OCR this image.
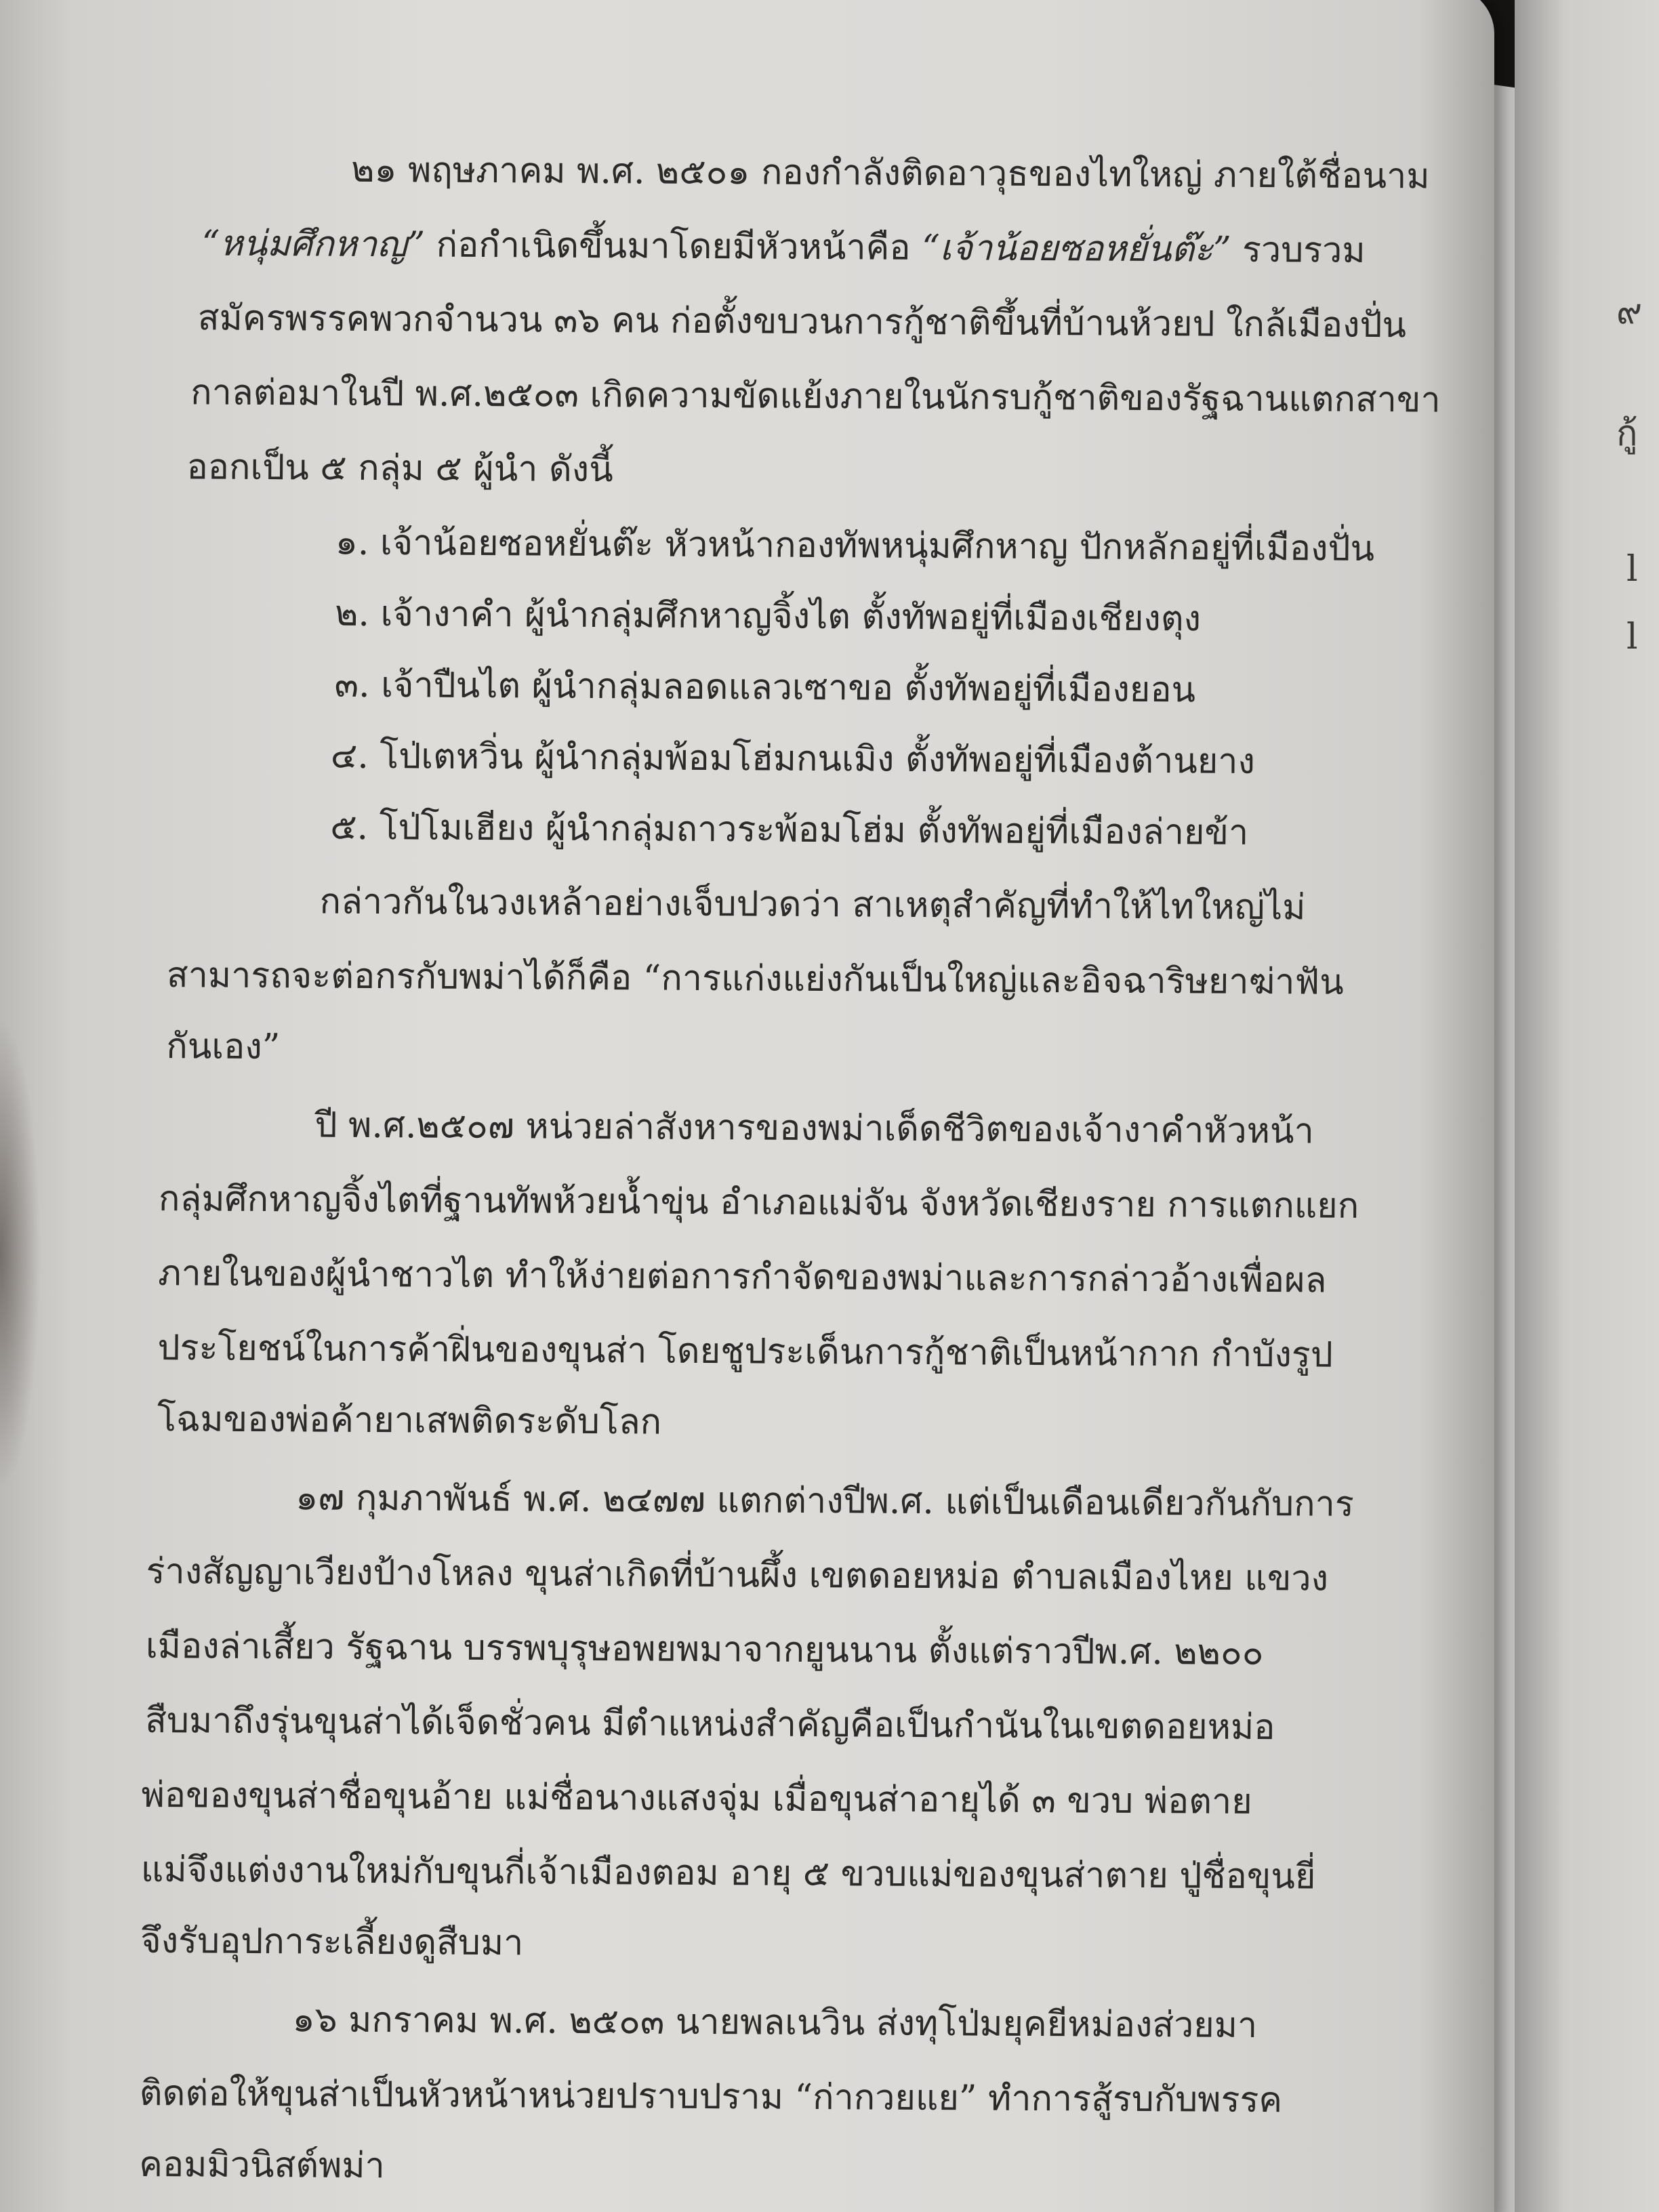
๙
กู้
l
l
๒๑ พฤษภาคม พ.ศ. ๒๕๐๑ กองกำลังติดอาวุธของไทใหญ่ ภายใต้ชื่อนาม
“หนุ่มศึกหาญ” ก่อกำเนิดขึ้นมาโดยมีหัวหน้าคือ “เจ้าน้อยซอหยั่นต๊ะ” รวบรวม
สมัครพรรคพวกจำนวน ๓๖ คน ก่อตั้งขบวนการกู้ชาติขึ้นที่บ้านห้วยป ใกล้เมืองปั่น
กาลต่อมาในปี พ.ศ.๒๕๐๓ เกิดความขัดแย้งภายในนักรบกู้ชาติของรัฐฉานแตกสาขา
ออกเป็น ๕ กลุ่ม ๕ ผู้นำ ดังนี้
๑. เจ้าน้อยซอหยั่นต๊ะ หัวหน้ากองทัพหนุ่มศึกหาญ ปักหลักอยู่ที่เมืองปั่น
๒. เจ้างาคำ ผู้นำกลุ่มศึกหาญจิ้งไต ตั้งทัพอยู่ที่เมืองเชียงตุง
๓. เจ้าปืนไต ผู้นำกลุ่มลอดแลวเซาขอ ตั้งทัพอยู่ที่เมืองยอน
๔. โป่เตหวิ่น ผู้นำกลุ่มพ้อมโฮ่มกนเมิง ตั้งทัพอยู่ที่เมืองต้านยาง
๕. โป่โมเฮียง ผู้นำกลุ่มถาวระพ้อมโฮ่ม ตั้งทัพอยู่ที่เมืองล่ายข้า
กล่าวกันในวงเหล้าอย่างเจ็บปวดว่า สาเหตุสำคัญที่ทำให้ไทใหญ่ไม่
สามารถจะต่อกรกับพม่าได้ก็คือ “การแก่งแย่งกันเป็นใหญ่และอิจฉาริษยาฆ่าฟัน
กันเอง”
ปี พ.ศ.๒๕๐๗ หน่วยล่าสังหารของพม่าเด็ดชีวิตของเจ้างาคำหัวหน้า
กลุ่มศึกหาญจิ้งไตที่ฐานทัพห้วยน้ำขุ่น อำเภอแม่จัน จังหวัดเชียงราย การแตกแยก
ภายในของผู้นำชาวไต ทำให้ง่ายต่อการกำจัดของพม่าและการกล่าวอ้างเพื่อผล
ประโยชน์ในการค้าฝิ่นของขุนส่า โดยชูประเด็นการกู้ชาติเป็นหน้ากาก กำบังรูป
โฉมของพ่อค้ายาเสพติดระดับโลก
๑๗ กุมภาพันธ์ พ.ศ. ๒๔๗๗ แตกต่างปีพ.ศ. แต่เป็นเดือนเดียวกันกับการ
ร่างสัญญาเวียงป้างโหลง ขุนส่าเกิดที่บ้านผึ้ง เขตดอยหม่อ ตำบลเมืองไหย แขวง
เมืองล่าเสี้ยว รัฐฉาน บรรพบุรุษอพยพมาจากยูนนาน ตั้งแต่ราวปีพ.ศ. ๒๒๐๐
สืบมาถึงรุ่นขุนส่าได้เจ็ดชั่วคน มีตำแหน่งสำคัญคือเป็นกำนันในเขตดอยหม่อ
พ่อของขุนส่าชื่อขุนอ้าย แม่ชื่อนางแสงจุ่ม เมื่อขุนส่าอายุได้ ๓ ขวบ พ่อตาย
แม่จึงแต่งงานใหม่กับขุนกี่เจ้าเมืองตอม อายุ ๕ ขวบแม่ของขุนส่าตาย ปู่ชื่อขุนยี่
จึงรับอุปการะเลี้ยงดูสืบมา
๑๖ มกราคม พ.ศ. ๒๕๐๓ นายพลเนวิน ส่งทุโป่มยุคยีหม่องส่วยมา
ติดต่อให้ขุนส่าเป็นหัวหน้าหน่วยปราบปราม “ก่ากวยแย” ทำการสู้รบกับพรรค
คอมมิวนิสต์พม่า
